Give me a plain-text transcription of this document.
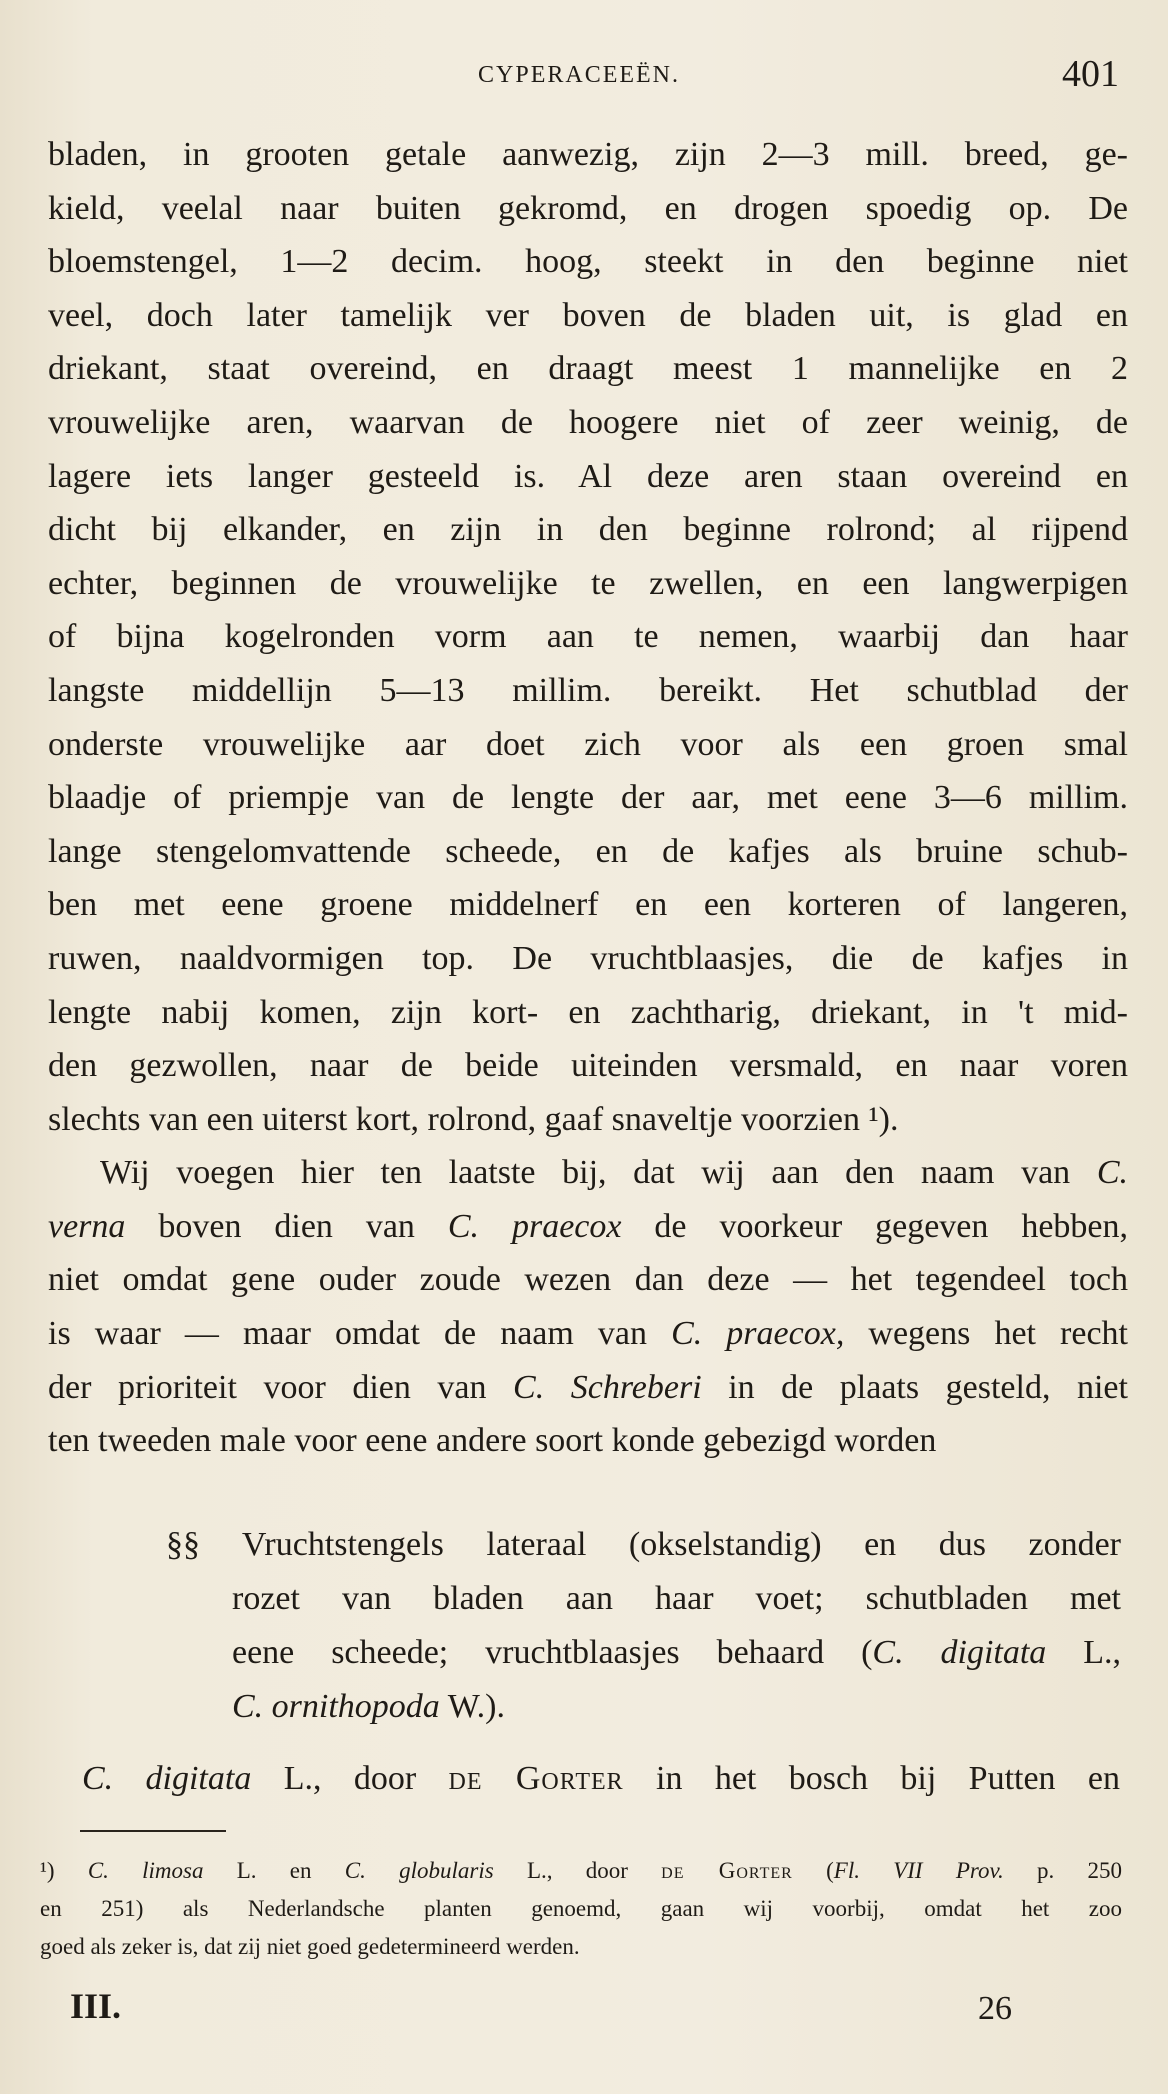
CYPERACEEËN.	401
bladen, in grooten getale aanwezig, zijn 2—3 mill. breed, ge-
kield, veelal naar buiten gekromd, en drogen spoedig op. De
bloemstengel, 1—2 decim. hoog, steekt in den beginne niet
veel, doch later tamelijk ver boven de bladen uit, is glad en
driekant, staat overeind, en draagt meest 1 mannelijke en 2
vrouwelijke aren, waarvan de hoogere niet of zeer weinig, de
lagere iets langer gesteeld is. Al deze aren staan overeind en
dicht bij elkander, en zijn in den beginne rolrond; al rijpend
echter, beginnen de vrouwelijke te zwellen, en een langwerpigen
of bijna kogelronden vorm aan te nemen, waarbij dan haar
langste middellijn 5—13 millim. bereikt. Het schutblad der
onderste vrouwelijke aar doet zich voor als een groen smal
blaadje of priempje van de lengte der aar, met eene 3—6 millim.
lange stengelomvattende scheede, en de kafjes als bruine schub-
ben met eene groene middelnerf en een korteren of langeren,
ruwen, naaldvormigen top. De vruchtblaasjes, die de kafjes in
lengte nabij komen, zijn kort- en zachtharig, driekant, in 't mid-
den gezwollen, naar de beide uiteinden versmald, en naar voren
slechts van een uiterst kort, rolrond, gaaf snaveltje voorzien ¹).
Wij voegen hier ten laatste bij, dat wij aan den naam van C.
verna boven dien van C. praecox de voorkeur gegeven hebben,
niet omdat gene ouder zoude wezen dan deze — het tegendeel toch
is waar — maar omdat de naam van C. praecox, wegens het recht
der prioriteit voor dien van C. Schreberi in de plaats gesteld, niet
ten tweeden male voor eene andere soort konde gebezigd worden
§§ Vruchtstengels lateraal (okselstandig) en dus zonder
rozet van bladen aan haar voet; schutbladen met
eene scheede; vruchtblaasjes behaard (C. digitata L.,
C. ornithopoda W.).
C. digitata L., door de Gorter in het bosch bij Putten en
¹) C. limosa L. en C. globularis L., door de Gorter (Fl. VII Prov. p. 250
en 251) als Nederlandsche planten genoemd, gaan wij voorbij, omdat het zoo
goed als zeker is, dat zij niet goed gedetermineerd werden.
III.	26
